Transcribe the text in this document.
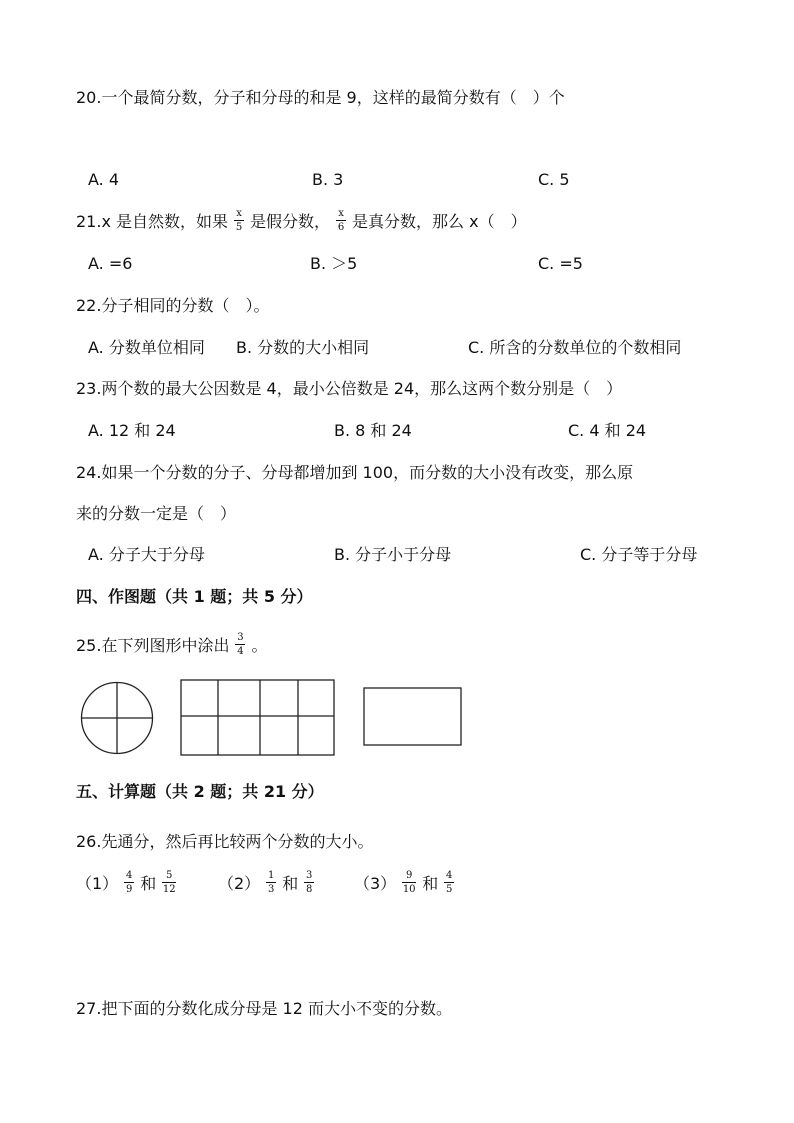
20.一个最简分数，分子和分母的和是 9，这样的最简分数有（　）个
A. 4	B. 3	C. 5
21.x 是自然数，如果 $\frac{x}{5}$ 是假分数， $\frac{x}{6}$ 是真分数，那么 x（　）
A. =6	B. ＞5	C. =5
22.分子相同的分数（　）。
A. 分数单位相同 B. 分数的大小相同	C. 所含的分数单位的个数相同
23.两个数的最大公因数是 4，最小公倍数是 24，那么这两个数分别是（　）
A. 12 和 24	B. 8 和 24	C. 4 和 24
24.如果一个分数的分子、分母都增加到 100，而分数的大小没有改变，那么原
来的分数一定是（　）
A. 分子大于分母	B. 分子小于分母	C. 分子等于分母
四、作图题（共 1 题；共 5 分）
25.在下列图形中涂出 $\frac{3}{4}$ 。
五、计算题（共 2 题；共 21 分）
26.先通分，然后再比较两个分数的大小。
$(1) \frac{4}{9}$ 和 $\frac{5}{12}$	$(2) \frac{1}{3}$ 和 $\frac{3}{8} (3) \frac{9}{10}$ 和 $\frac{4}{5}$
27.把下面的分数化成分母是 12 而大小不变的分数。
